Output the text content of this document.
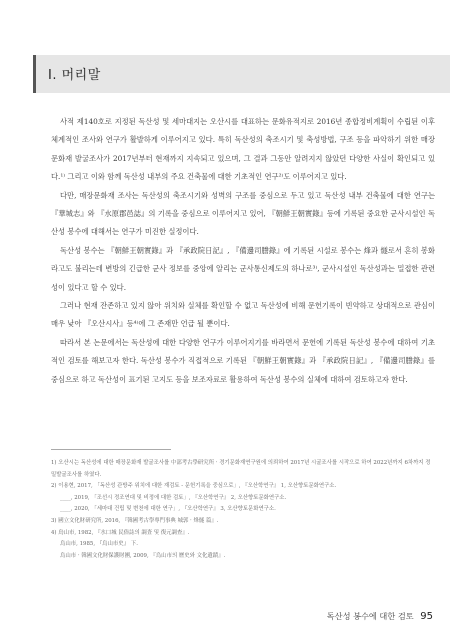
Ⅰ. 머리말

사적 제140호로 지정된 독산성 및 세마대지는 오산시를 대표하는 문화유적지로 2016년 종합정비계획이 수립된 이후 체계적인 조사와 연구가 활발하게 이루어지고 있다. 특히 독산성의 축조시기 및 축성방법, 구조 등을 파악하기 위한 매장문화재 발굴조사가 2017년부터 현재까지 지속되고 있으며, 그 결과 그동안 알려지지 않았던 다양한 사실이 확인되고 있다.¹⁾ 그리고 이와 함께 독산성 내부의 주요 건축물에 대한 기초적인 연구²⁾도 이루어지고 있다.

다만, 매장문화재 조사는 독산성의 축조시기와 성벽의 구조를 중심으로 두고 있고 독산성 내부 건축물에 대한 연구는 『華城志』와 『水原郡邑誌』의 기록을 중심으로 이루어지고 있어, 『朝鮮王朝實錄』등에 기록된 중요한 군사시설인 독산성 봉수에 대해서는 연구가 미진한 실정이다.

독산성 봉수는 『朝鮮王朝實錄』과 『承政院日記』, 『備邊司謄錄』에 기록된 시설로 봉수는 烽과 燧로서 흔히 봉화라고도 불리는데 변방의 긴급한 군사 정보를 중앙에 알리는 군사통신제도의 하나로³⁾, 군사시설인 독산성과는 밀접한 관련성이 있다고 할 수 있다.

그러나 현재 잔존하고 있지 않아 위치와 실체를 확인할 수 없고 독산성에 비해 문헌기록이 빈약하고 상대적으로 관심이 매우 낮아 『오산시사』등⁴⁾에 그 존재만 언급 될 뿐이다.

따라서 본 논문에서는 독산성에 대한 다양한 연구가 이루어지기를 바라면서 문헌에 기록된 독산성 봉수에 대하여 기초적인 검토를 해보고자 한다. 독산성 봉수가 직접적으로 기록된 『朝鮮王朝實錄』과 『承政院日記』, 『備邊司謄錄』를 중심으로 하고 독산성이 표기된 고지도 등을 보조자료로 활용하여 독산성 봉수의 실체에 대하여 검토하고자 한다.

1) 오산시는 독산성에 대한 매장문화재 발굴조사를 中部考古學研究所 · 경기문화재연구원에 의뢰하여 2017년 시굴조사를 시작으로 하여 2022년까지 6차까지 정밀발굴조사를 하였다.

2) 이용현, 2017, 「독산성 관방주 위치에 대한 재검토 - 문헌기록을 중심으로」, 『오산학연구』 1, 오산향토문화연구소.

____, 2019, 「조선시 정조연대 및 비정에 대한 검토」, 『오산학연구』 2, 오산향토문화연구소.

____, 2020, 「세마대 건립 및 변천에 대한 연구」, 『오산학연구』 3, 오산향토문화연구소.

3) 國立文化財研究所, 2016, 『韓國考古學專門事典 城郭 · 烽燧 篇』.

4) 鳥山市, 1982, 『水口城 民俗誌의 調査 및 復元調查』.

烏山市, 1985, 『烏山市史』 下.

烏山市 · 韓國文化財保護財團, 2009, 『烏山市의 歷史와 文化遺蹟』.

독산성 봉수에 대한 검토 95
